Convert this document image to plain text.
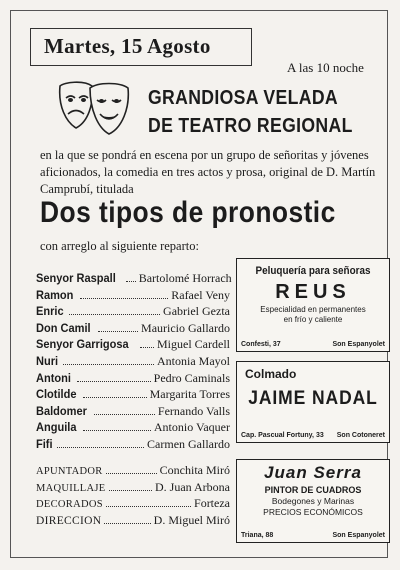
Martes, 15 Agosto
A las 10 noche
GRANDIOSA VELADA
DE TEATRO REGIONAL
en la que se pondrá en escena por un grupo de señoritas y jóvenes aficionados, la comedia en tres actos y prosa, original de D. Martín Camprubí, titulada
Dos tipos de pronostic
con arreglo al siguiente reparto:
Senyor Raspall Bartolomé Horrach
Ramon	Rafael Veny
Enric	Gabriel Gezta
Don Camil	Mauricio Gallardo
Senyor Garrigosa Miguel Cardell
Nuri	Antonia Mayol
Antoni	Pedro Caminals
Clotilde	Margarita Torres
Baldomer	Fernando Valls
Anguila	Antonio Vaquer
Fifi	Carmen Gallardo
APUNTADOR	Conchita Miró
MAQUILLAJE	D. Juan Arbona
DECORADOS	Forteza
DIRECCION	D. Miguel Miró
Peluquería para señoras
REUS
Especialidad en permanentes
en frío y caliente
Confesti, 37	Son Espanyolet
Colmado
JAIME NADAL
Cap. Pascual Fortuny, 33 Son Cotoneret
Juan Serra
PINTOR DE CUADROS
Bodegones y Marinas
PRECIOS ECONÓMICOS
Triana, 88	Son Espanyolet
